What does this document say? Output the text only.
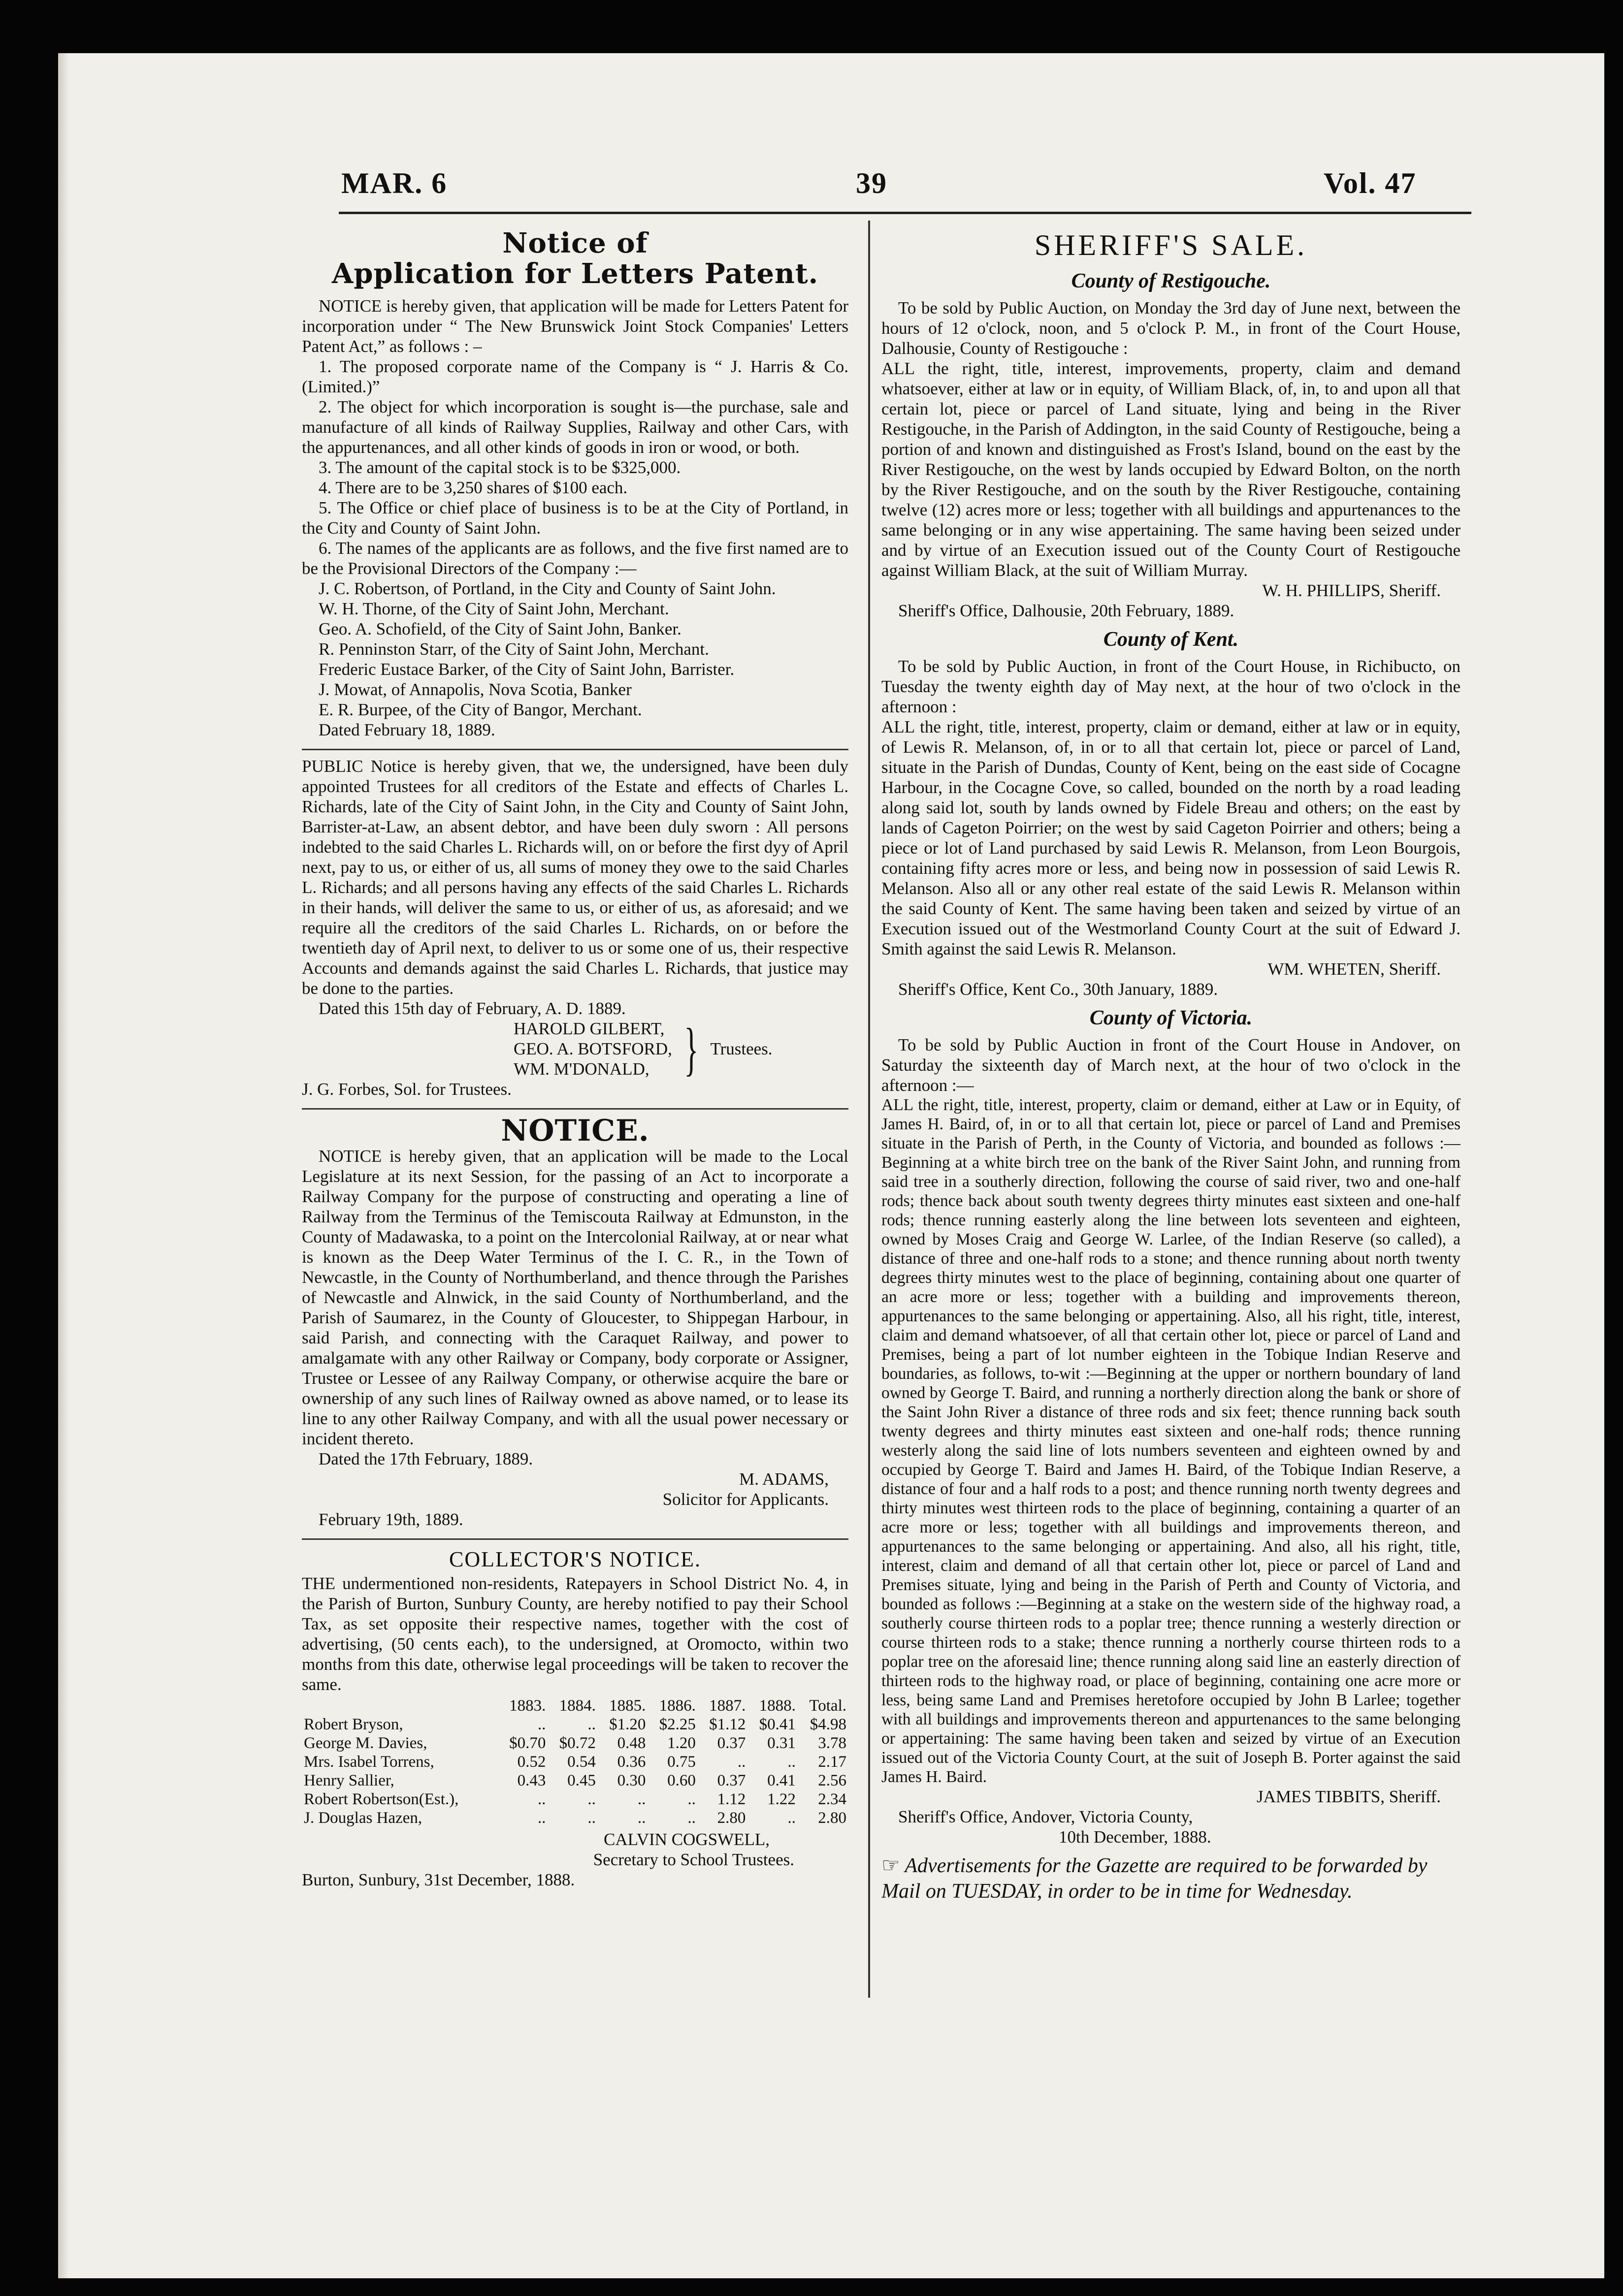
MAR. 6	39	Vol. 47
Notice of
Application for Letters Patent.

NOTICE is hereby given, that application will be made for Letters Patent for incorporation under “ The New Brunswick Joint Stock Companies' Letters Patent Act,” as follows : –

1. The proposed corporate name of the Company is “ J. Harris & Co. (Limited.)”

2. The object for which incorporation is sought is—the purchase, sale and manufacture of all kinds of Railway Supplies, Railway and other Cars, with the appurtenances, and all other kinds of goods in iron or wood, or both.

3. The amount of the capital stock is to be $325,000.

4. There are to be 3,250 shares of $100 each.

5. The Office or chief place of business is to be at the City of Portland, in the City and County of Saint John.

6. The names of the applicants are as follows, and the five first named are to be the Provisional Directors of the Company :—

J. C. Robertson, of Portland, in the City and County of Saint John.

W. H. Thorne, of the City of Saint John, Merchant.

Geo. A. Schofield, of the City of Saint John, Banker.

R. Penninston Starr, of the City of Saint John, Merchant.

Frederic Eustace Barker, of the City of Saint John, Barrister.

J. Mowat, of Annapolis, Nova Scotia, Banker

E. R. Burpee, of the City of Bangor, Merchant.

Dated February 18, 1889.

PUBLIC Notice is hereby given, that we, the undersigned, have been duly appointed Trustees for all creditors of the Estate and effects of Charles L. Richards, late of the City of Saint John, in the City and County of Saint John, Barrister-at-Law, an absent debtor, and have been duly sworn : All persons indebted to the said Charles L. Richards will, on or before the first dyy of April next, pay to us, or either of us, all sums of money they owe to the said Charles L. Richards; and all persons having any effects of the said Charles L. Richards in their hands, will deliver the same to us, or either of us, as aforesaid; and we require all the creditors of the said Charles L. Richards, on or before the twentieth day of April next, to deliver to us or some one of us, their respective Accounts and demands against the said Charles L. Richards, that justice may be done to the parties.

Dated this 15th day of February, A. D. 1889.

HAROLD GILBERT,

GEO. A. BOTSFORD,

WM. M'DONALD, } Trustees.

J. G. Forbes, Sol. for Trustees.

NOTICE.

NOTICE is hereby given, that an application will be made to the Local Legislature at its next Session, for the passing of an Act to incorporate a Railway Company for the purpose of constructing and operating a line of Railway from the Terminus of the Temiscouta Railway at Edmunston, in the County of Madawaska, to a point on the Intercolonial Railway, at or near what is known as the Deep Water Terminus of the I. C. R., in the Town of Newcastle, in the County of Northumberland, and thence through the Parishes of Newcastle and Alnwick, in the said County of Northumberland, and the Parish of Saumarez, in the County of Gloucester, to Shippegan Harbour, in said Parish, and connecting with the Caraquet Railway, and power to amalgamate with any other Railway or Company, body corporate or Assigner, Trustee or Lessee of any Railway Company, or otherwise acquire the bare or ownership of any such lines of Railway owned as above named, or to lease its line to any other Railway Company, and with all the usual power necessary or incident thereto.

Dated the 17th February, 1889.

M. ADAMS,

Solicitor for Applicants.

February 19th, 1889.

COLLECTOR'S NOTICE.

THE undermentioned non-residents, Ratepayers in School District No. 4, in the Parish of Burton, Sunbury County, are hereby notified to pay their School Tax, as set opposite their respective names, together with the cost of advertising, (50 cents each), to the undersigned, at Oromocto, within two months from this date, otherwise legal proceedings will be taken to recover the same.

	1883.	1884.	1885.	1886.	1887.	1888.	Total.
Robert Bryson,	..	..	$1.20	$2.25	$1.12	$0.41	$4.98
George M. Davies,	$0.70	$0.72	0.48	1.20	0.37	0.31	3.78
Mrs. Isabel Torrens,	0.52	0.54	0.36	0.75	..	..	2.17
Henry Sallier,	0.43	0.45	0.30	0.60	0.37	0.41	2.56
Robert Robertson(Est.),	..	..	..	..	1.12	1.22	2.34
J. Douglas Hazen,	..	..	..	..	2.80	..	2.80

CALVIN COGSWELL,

Secretary to School Trustees.

Burton, Sunbury, 31st December, 1888.

SHERIFF'S SALE.
County of Restigouche.

To be sold by Public Auction, on Monday the 3rd day of June next, between the hours of 12 o'clock, noon, and 5 o'clock P. M., in front of the Court House, Dalhousie, County of Restigouche :

ALL the right, title, interest, improvements, property, claim and demand whatsoever, either at law or in equity, of William Black, of, in, to and upon all that certain lot, piece or parcel of Land situate, lying and being in the River Restigouche, in the Parish of Addington, in the said County of Restigouche, being a portion of and known and distinguished as Frost's Island, bound on the east by the River Restigouche, on the west by lands occupied by Edward Bolton, on the north by the River Restigouche, and on the south by the River Restigouche, containing twelve (12) acres more or less; together with all buildings and appurtenances to the same belonging or in any wise appertaining. The same having been seized under and by virtue of an Execution issued out of the County Court of Restigouche against William Black, at the suit of William Murray.

W. H. PHILLIPS, Sheriff.

Sheriff's Office, Dalhousie, 20th February, 1889.

County of Kent.

To be sold by Public Auction, in front of the Court House, in Richibucto, on Tuesday the twenty eighth day of May next, at the hour of two o'clock in the afternoon :

ALL the right, title, interest, property, claim or demand, either at law or in equity, of Lewis R. Melanson, of, in or to all that certain lot, piece or parcel of Land, situate in the Parish of Dundas, County of Kent, being on the east side of Cocagne Harbour, in the Cocagne Cove, so called, bounded on the north by a road leading along said lot, south by lands owned by Fidele Breau and others; on the east by lands of Cageton Poirrier; on the west by said Cageton Poirrier and others; being a piece or lot of Land purchased by said Lewis R. Melanson, from Leon Bourgois, containing fifty acres more or less, and being now in possession of said Lewis R. Melanson. Also all or any other real estate of the said Lewis R. Melanson within the said County of Kent. The same having been taken and seized by virtue of an Execution issued out of the Westmorland County Court at the suit of Edward J. Smith against the said Lewis R. Melanson.

WM. WHETEN, Sheriff.

Sheriff's Office, Kent Co., 30th January, 1889.

County of Victoria.

To be sold by Public Auction in front of the Court House in Andover, on Saturday the sixteenth day of March next, at the hour of two o'clock in the afternoon :—

ALL the right, title, interest, property, claim or demand, either at Law or in Equity, of James H. Baird, of, in or to all that certain lot, piece or parcel of Land and Premises situate in the Parish of Perth, in the County of Victoria, and bounded as follows :—Beginning at a white birch tree on the bank of the River Saint John, and running from said tree in a southerly direction, following the course of said river, two and one-half rods; thence back about south twenty degrees thirty minutes east sixteen and one-half rods; thence running easterly along the line between lots seventeen and eighteen, owned by Moses Craig and George W. Larlee, of the Indian Reserve (so called), a distance of three and one-half rods to a stone; and thence running about north twenty degrees thirty minutes west to the place of beginning, containing about one quarter of an acre more or less; together with a building and improvements thereon, appurtenances to the same belonging or appertaining. Also, all his right, title, interest, claim and demand whatsoever, of all that certain other lot, piece or parcel of Land and Premises, being a part of lot number eighteen in the Tobique Indian Reserve and boundaries, as follows, to-wit :—Beginning at the upper or northern boundary of land owned by George T. Baird, and running a northerly direction along the bank or shore of the Saint John River a distance of three rods and six feet; thence running back south twenty degrees and thirty minutes east sixteen and one-half rods; thence running westerly along the said line of lots numbers seventeen and eighteen owned by and occupied by George T. Baird and James H. Baird, of the Tobique Indian Reserve, a distance of four and a half rods to a post; and thence running north twenty degrees and thirty minutes west thirteen rods to the place of beginning, containing a quarter of an acre more or less; together with all buildings and improvements thereon, and appurtenances to the same belonging or appertaining. And also, all his right, title, interest, claim and demand of all that certain other lot, piece or parcel of Land and Premises situate, lying and being in the Parish of Perth and County of Victoria, and bounded as follows :—Beginning at a stake on the western side of the highway road, a southerly course thirteen rods to a poplar tree; thence running a westerly direction or course thirteen rods to a stake; thence running a northerly course thirteen rods to a poplar tree on the aforesaid line; thence running along said line an easterly direction of thirteen rods to the highway road, or place of beginning, containing one acre more or less, being same Land and Premises heretofore occupied by John B Larlee; together with all buildings and improvements thereon and appurtenances to the same belonging or appertaining: The same having been taken and seized by virtue of an Execution issued out of the Victoria County Court, at the suit of Joseph B. Porter against the said James H. Baird.

JAMES TIBBITS, Sheriff.

Sheriff's Office, Andover, Victoria County,

10th December, 1888.

☞ Advertisements for the Gazette are required to be forwarded by Mail on TUESDAY, in order to be in time for Wednesday.
